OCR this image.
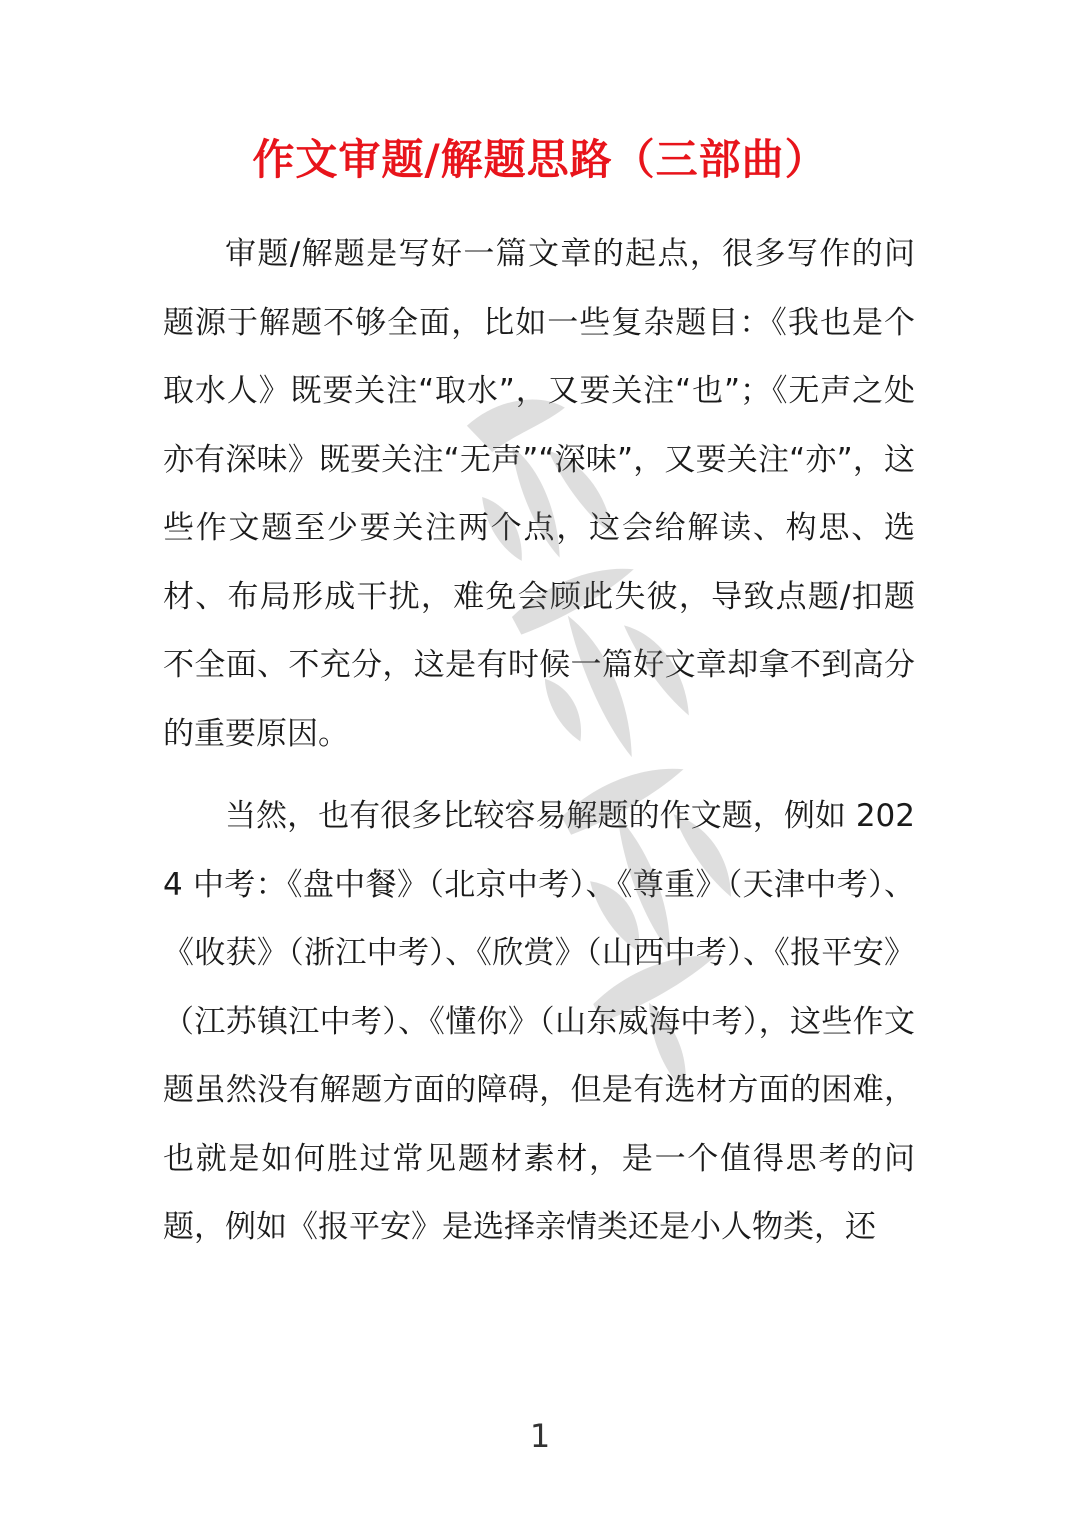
作文审题/解题思路（三部曲）

审题/解题是写好一篇文章的起点，很多写作的问题源于解题不够全面，比如一些复杂题目：《我也是个取水人》既要关注“取水”，又要关注“也”；《无声之处亦有深味》既要关注“无声”“深味”，又要关注“亦”，这些作文题至少要关注两个点，这会给解读、构思、选材、布局形成干扰，难免会顾此失彼，导致点题/扣题不全面、不充分，这是有时候一篇好文章却拿不到高分的重要原因。

当然，也有很多比较容易解题的作文题，例如 2024 中考：《盘中餐》（北京中考）、《尊重》（天津中考）、《收获》（浙江中考）、《欣赏》（山西中考）、《报平安》（江苏镇江中考）、《懂你》（山东威海中考），这些作文题虽然没有解题方面的障碍，但是有选材方面的困难，也就是如何胜过常见题材素材，是一个值得思考的问题，例如《报平安》是选择亲情类还是小人物类，还

1
